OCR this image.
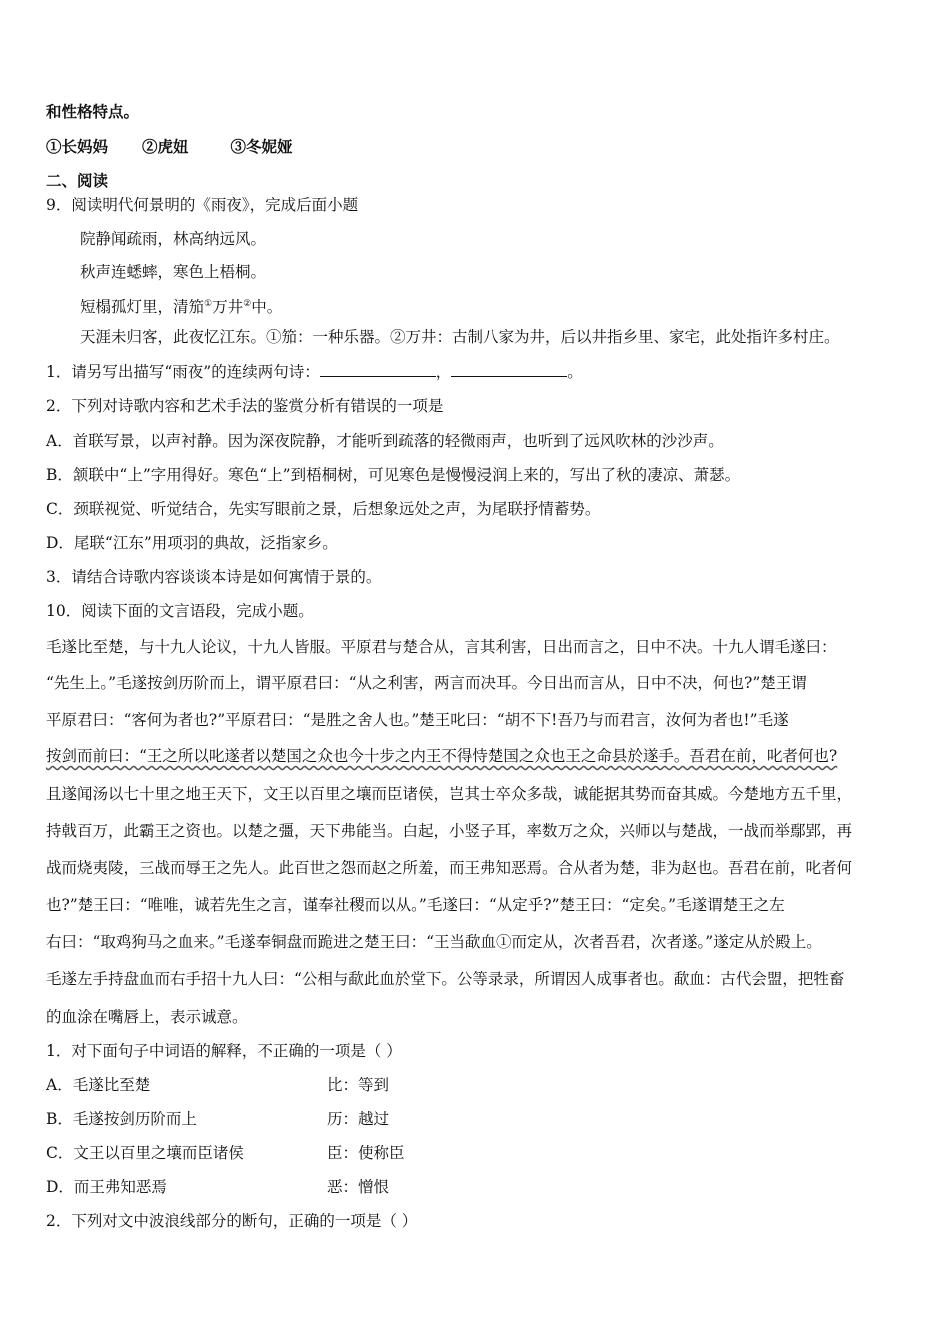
和性格特点。
①长妈妈 ②虎妞	③冬妮娅
二、阅读
9．阅读明代何景明的《雨夜》，完成后面小题
院静闻疏雨，林高纳远风。
秋声连蟋蟀，寒色上梧桐。
短榻孤灯里，清笳①万井②中。
天涯未归客，此夜忆江东。①笳：一种乐器。②万井：古制八家为井，后以井指乡里、家宅，此处指许多村庄。
1．请另写出描写“雨夜”的连续两句诗：	，	。
2．下列对诗歌内容和艺术手法的鉴赏分析有错误的一项是
A．首联写景，以声衬静。因为深夜院静，才能听到疏落的轻微雨声，也听到了远风吹林的沙沙声。
B．颔联中“上”字用得好。寒色“上”到梧桐树，可见寒色是慢慢浸润上来的，写出了秋的凄凉、萧瑟。
C．颈联视觉、听觉结合，先实写眼前之景，后想象远处之声，为尾联抒情蓄势。
D．尾联“江东”用项羽的典故，泛指家乡。
3．请结合诗歌内容谈谈本诗是如何寓情于景的。
10．阅读下面的文言语段，完成小题。
毛遂比至楚，与十九人论议，十九人皆服。平原君与楚合从，言其利害，日出而言之，日中不决。十九人谓毛遂曰：
“先生上。”毛遂按剑历阶而上，谓平原君曰：“从之利害，两言而决耳。今日出而言从，日中不决，何也?”楚王谓
平原君曰：“客何为者也?”平原君曰：“是胜之舍人也。”楚王叱曰：“胡不下!吾乃与而君言，汝何为者也!”毛遂
按剑而前曰：“王之所以叱遂者以楚国之众也今十步之内王不得恃楚国之众也王之命县於遂手。吾君在前，叱者何也?
且遂闻汤以七十里之地王天下，文王以百里之壤而臣诸侯，岂其士卒众多哉，诚能据其势而奋其威。今楚地方五千里，
持戟百万，此霸王之资也。以楚之彊，天下弗能当。白起，小竖子耳，率数万之众，兴师以与楚战，一战而举鄢郢，再
战而烧夷陵，三战而辱王之先人。此百世之怨而赵之所羞，而王弗知恶焉。合从者为楚，非为赵也。吾君在前，叱者何
也?”楚王曰：“唯唯，诚若先生之言，谨奉社稷而以从。”毛遂曰：“从定乎?”楚王曰：“定矣。”毛遂谓楚王之左
右曰：“取鸡狗马之血来。”毛遂奉铜盘而跪进之楚王曰：“王当歃血①而定从，次者吾君，次者遂。”遂定从於殿上。
毛遂左手持盘血而右手招十九人曰：“公相与歃此血於堂下。公等录录，所谓因人成事者也。歃血：古代会盟，把牲畜
的血涂在嘴唇上，表示诚意。
1．对下面句子中词语的解释，不正确的一项是（ ）
A．毛遂比至楚	比：等到
B．毛遂按剑历阶而上	历：越过
C．文王以百里之壤而臣诸侯	臣：使称臣
D．而王弗知恶焉	恶：憎恨
2．下列对文中波浪线部分的断句，正确的一项是（ ）
